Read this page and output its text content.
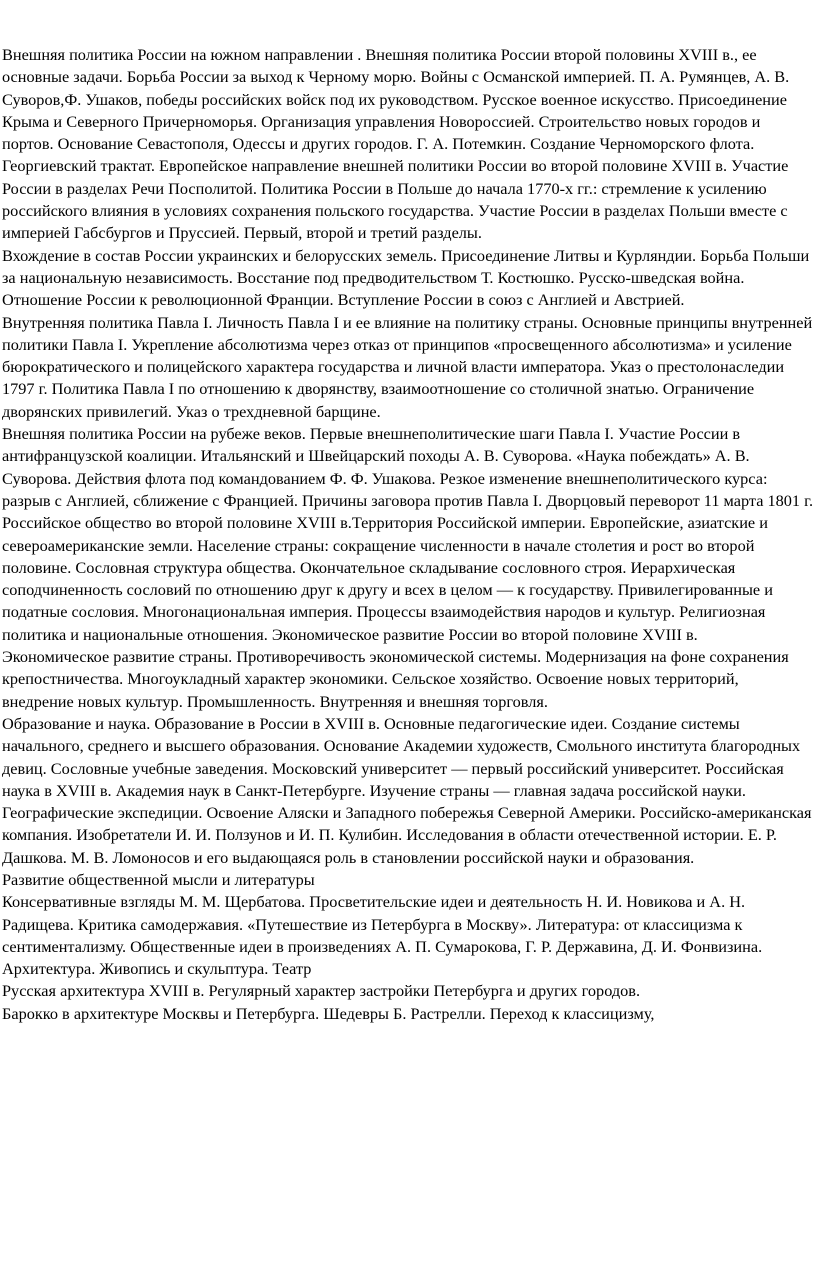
Внешняя политика России на южном направлении . Внешняя политика России второй половины XVIII в., ее основные задачи. Борьба России за выход к Черному морю. Войны с Османской империей. П. А. Румянцев, А. В. Суворов,Ф. Ушаков, победы российских войск под их руководством. Русское военное искусство. Присоединение Крыма и Северного Причерноморья. Организация управления Новороссией. Строительство новых городов и портов. Основание Севастополя, Одессы и других городов. Г. А. Потемкин. Создание Черноморского флота. Георгиевский трактат. Европейское направление внешней политики России во второй половине XVIII в. Участие России в разделах Речи Посполитой. Политика России в Польше до начала 1770-х гг.: стремление к усилению российского влияния в условиях сохранения польского государства. Участие России в разделах Польши вместе с империей Габсбургов и Пруссией. Первый, второй и третий разделы.

Вхождение в состав России украинских и белорусских земель. Присоединение Литвы и Курляндии. Борьба Польши за национальную независимость. Восстание под предводительством Т. Костюшко. Русско-шведская война. Отношение России к революционной Франции. Вступление России в союз с Англией и Австрией.

Внутренняя политика Павла I. Личность Павла I и ее влияние на политику страны. Основные принципы внутренней политики Павла I. Укрепление абсолютизма через отказ от принципов «просвещенного абсолютизма» и усиление бюрократического и полицейского характера государства и личной власти императора. Указ о престолонаследии 1797 г. Политика Павла I по отношению к дворянству, взаимоотношение со столичной знатью. Ограничение дворянских привилегий. Указ о трехдневной барщине.

Внешняя политика России на рубеже веков. Первые внешнеполитические шаги Павла I. Участие России в антифранцузской коалиции. Итальянский и Швейцарский походы А. В. Суворова. «Наука побеждать» А. В. Суворова. Действия флота под командованием Ф. Ф. Ушакова. Резкое изменение внешнеполитического курса: разрыв с Англией, сближение с Францией. Причины заговора против Павла I. Дворцовый переворот 11 марта 1801 г.

Российское общество во второй половине XVIII в.Территория Российской империи. Европейские, азиатские и североамериканские земли. Население страны: сокращение численности в начале столетия и рост во второй половине. Сословная структура общества. Окончательное складывание сословного строя. Иерархическая соподчиненность сословий по отношению друг к другу и всех в целом — к государству. Привилегированные и податные сословия. Многонациональная империя. Процессы взаимодействия народов и культур. Религиозная политика и национальные отношения. Экономическое развитие России во второй половине XVIII в.

Экономическое развитие страны. Противоречивость экономической системы. Модернизация на фоне сохранения крепостничества. Многоукладный характер экономики. Сельское хозяйство. Освоение новых территорий, внедрение новых культур. Промышленность. Внутренняя и внешняя торговля.

Образование и наука. Образование в России в XVIII в. Основные педагогические идеи. Создание системы начального, среднего и высшего образования. Основание Академии художеств, Смольного института благородных девиц. Сословные учебные заведения. Московский университет — первый российский университет. Российская наука в XVIII в. Академия наук в Санкт-Петербурге. Изучение страны — главная задача российской науки. Географические экспедиции. Освоение Аляски и Западного побережья Северной Америки. Российско-американская компания. Изобретатели И. И. Ползунов и И. П. Кулибин. Исследования в области отечественной истории. Е. Р. Дашкова. М. В. Ломоносов и его выдающаяся роль в становлении российской науки и образования.

Развитие общественной мысли и литературы

Консервативные взгляды М. М. Щербатова. Просветительские идеи и деятельность Н. И. Новикова и А. Н. Радищева. Критика самодержавия. «Путешествие из Петербурга в Москву». Литература: от классицизма к сентиментализму. Общественные идеи в произведениях А. П. Сумарокова, Г. Р. Державина, Д. И. Фонвизина.

Архитектура. Живопись и скульптура. Театр

Русская архитектура XVIII в. Регулярный характер застройки Петербурга и других городов.

Барокко в архитектуре Москвы и Петербурга. Шедевры Б. Растрелли. Переход к классицизму,
